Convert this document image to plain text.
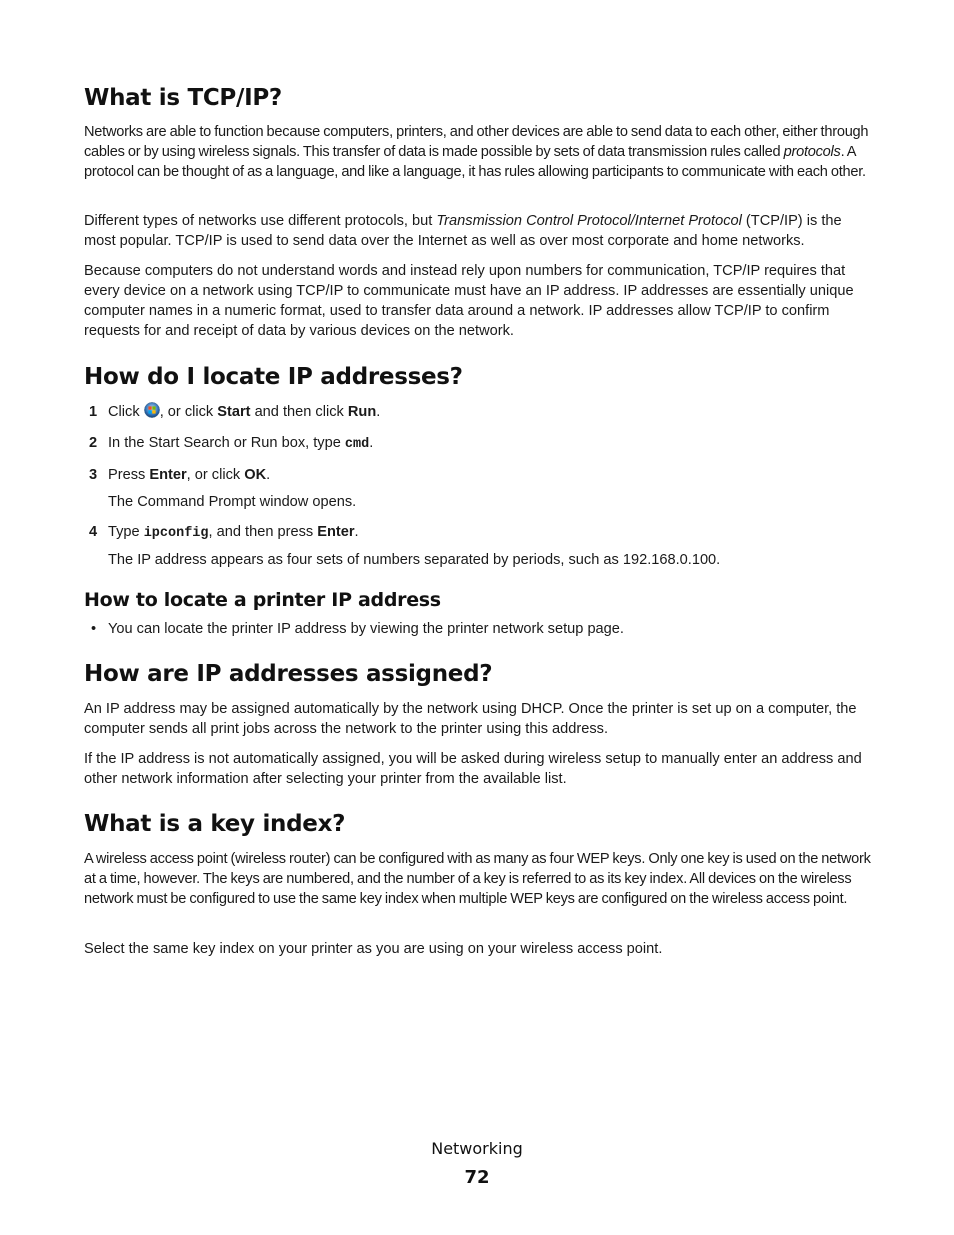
What is TCP/IP?

Networks are able to function because computers, printers, and other devices are able to send data to each other, either through cables or by using wireless signals. This transfer of data is made possible by sets of data transmission rules called protocols. A protocol can be thought of as a language, and like a language, it has rules allowing participants to communicate with each other.

Different types of networks use different protocols, but Transmission Control Protocol/Internet Protocol (TCP/IP) is the most popular. TCP/IP is used to send data over the Internet as well as over most corporate and home networks.

Because computers do not understand words and instead rely upon numbers for communication, TCP/IP requires that every device on a network using TCP/IP to communicate must have an IP address. IP addresses are essentially unique computer names in a numeric format, used to transfer data around a network. IP addresses allow TCP/IP to confirm requests for and receipt of data by various devices on the network.

How do I locate IP addresses?
1 Click , or click Start and then click Run.
2 In the Start Search or Run box, type cmd.
3 Press Enter, or click OK.
The Command Prompt window opens.
4 Type ipconfig, and then press Enter.
The IP address appears as four sets of numbers separated by periods, such as 192.168.0.100.
How to locate a printer IP address
• You can locate the printer IP address by viewing the printer network setup page.
How are IP addresses assigned?

An IP address may be assigned automatically by the network using DHCP. Once the printer is set up on a computer, the computer sends all print jobs across the network to the printer using this address.

If the IP address is not automatically assigned, you will be asked during wireless setup to manually enter an address and other network information after selecting your printer from the available list.

What is a key index?

A wireless access point (wireless router) can be configured with as many as four WEP keys. Only one key is used on the network at a time, however. The keys are numbered, and the number of a key is referred to as its key index. All devices on the wireless network must be configured to use the same key index when multiple WEP keys are configured on the wireless access point.

Select the same key index on your printer as you are using on your wireless access point.

Networking
72
